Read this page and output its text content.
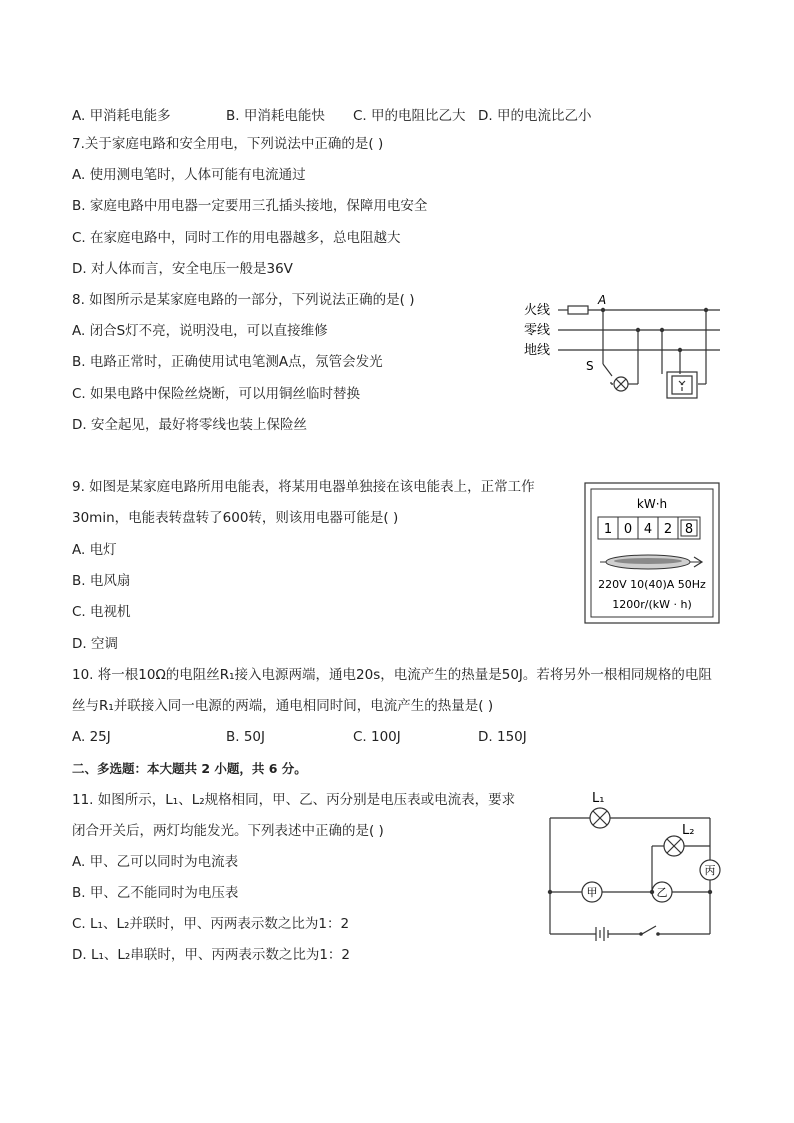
A. 甲消耗电能多	B. 甲消耗电能快 C. 甲的电阻比乙大 D. 甲的电流比乙小
7.关于家庭电路和安全用电，下列说法中正确的是( )
A. 使用测电笔时，人体可能有电流通过
B. 家庭电路中用电器一定要用三孔插头接地，保障用电安全
C. 在家庭电路中，同时工作的用电器越多，总电阻越大
D. 对人体而言，安全电压一般是36V
8. 如图所示是某家庭电路的一部分，下列说法正确的是( )
A. 闭合S灯不亮，说明没电，可以直接维修
B. 电路正常时，正确使用试电笔测A点，氖管会发光
C. 如果电路中保险丝烧断，可以用铜丝临时替换
D. 安全起见，最好将零线也装上保险丝
火线
零线
地线
A
S
9. 如图是某家庭电路所用电能表，将某用电器单独接在该电能表上，正常工作
30min，电能表转盘转了600转，则该用电器可能是( )
A. 电灯
B. 电风扇
C. 电视机
D. 空调
kW·h
1 0 4 2 8
220V 10(40)A 50Hz
1200r/(kW · h)
10. 将一根10Ω的电阻丝R₁接入电源两端，通电20s，电流产生的热量是50J。若将另外一根相同规格的电阻
丝与R₁并联接入同一电源的两端，通电相同时间，电流产生的热量是( )
A. 25J	B. 50J	C. 100J	D. 150J
二、多选题：本大题共 2 小题，共 6 分。
11. 如图所示，L₁、L₂规格相同，甲、乙、丙分别是电压表或电流表，要求
闭合开关后，两灯均能发光。下列表述中正确的是( )
A. 甲、乙可以同时为电流表
B. 甲、乙不能同时为电压表
C. L₁、L₂并联时，甲、丙两表示数之比为1：2
D. L₁、L₂串联时，甲、丙两表示数之比为1：2
L₁
L₂
甲	乙
丙
